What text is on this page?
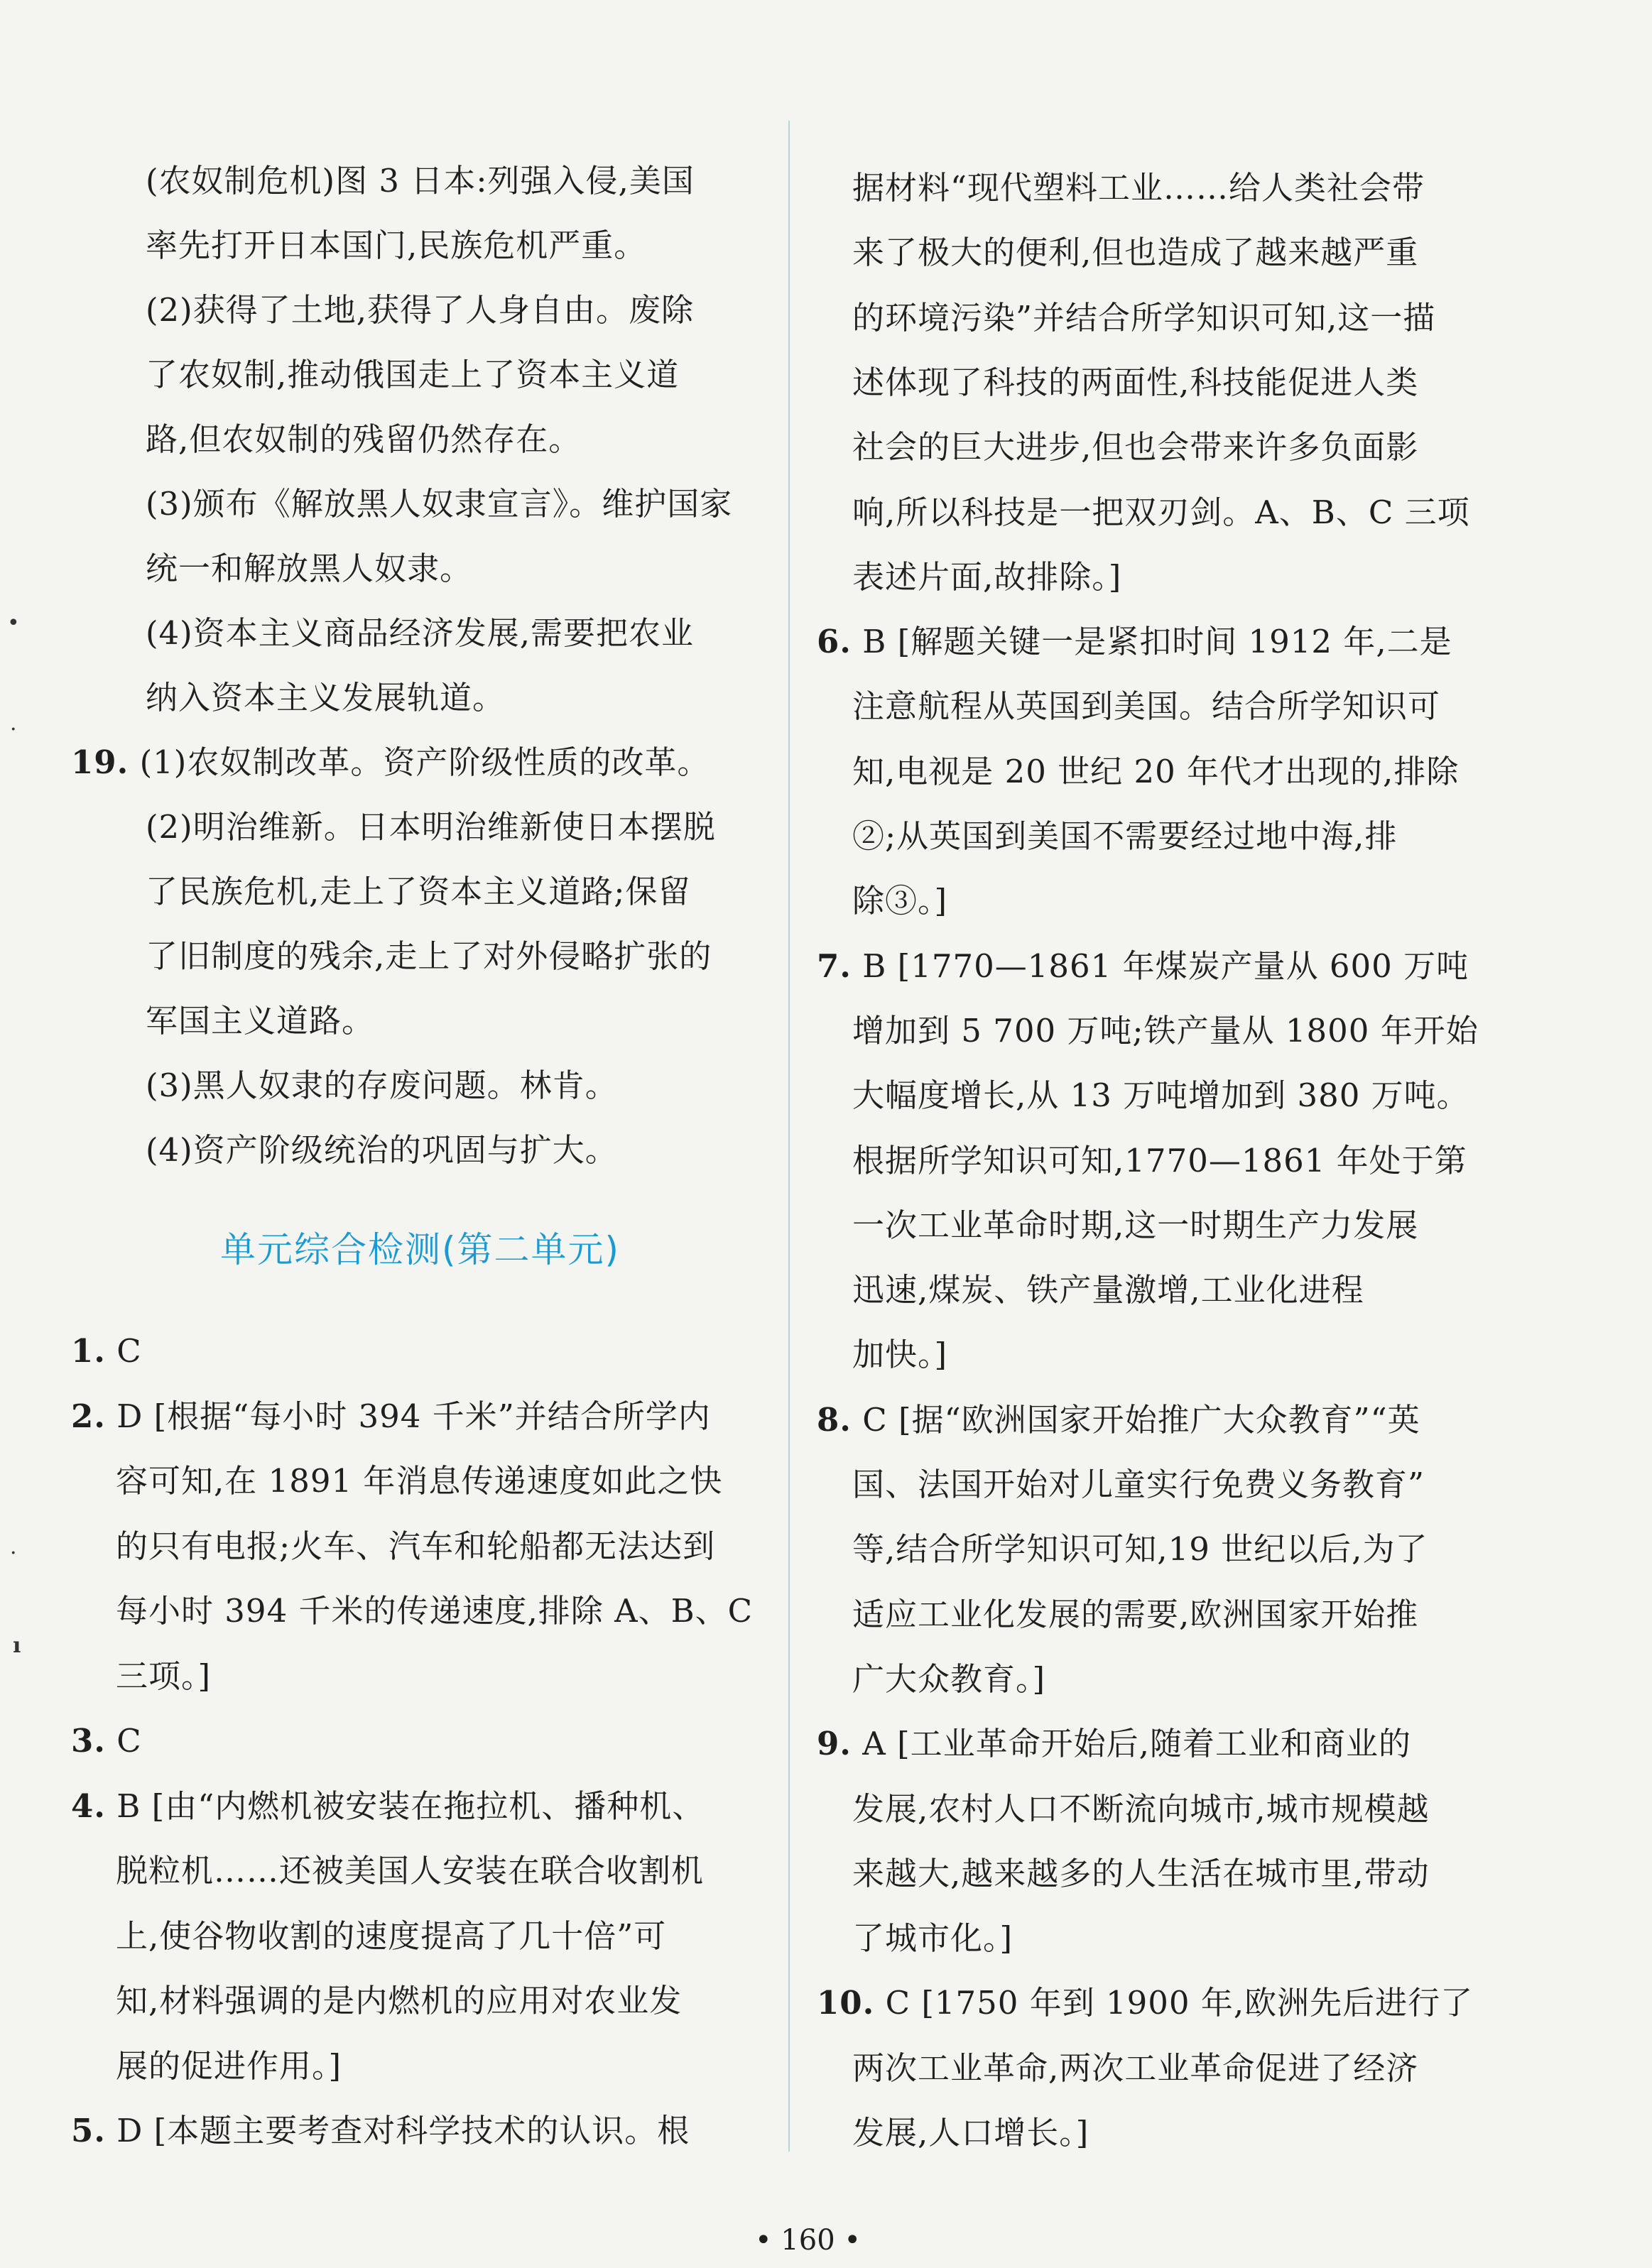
(农奴制危机)图 3 日本:列强入侵,美国
率先打开日本国门,民族危机严重。
(2)获得了土地,获得了人身自由。废除
了农奴制,推动俄国走上了资本主义道
路,但农奴制的残留仍然存在。
(3)颁布《解放黑人奴隶宣言》。维护国家
统一和解放黑人奴隶。
(4)资本主义商品经济发展,需要把农业
纳入资本主义发展轨道。
19. (1)农奴制改革。资产阶级性质的改革。
(2)明治维新。日本明治维新使日本摆脱
了民族危机,走上了资本主义道路;保留
了旧制度的残余,走上了对外侵略扩张的
军国主义道路。
(3)黑人奴隶的存废问题。林肯。
(4)资产阶级统治的巩固与扩大。
单元综合检测(第二单元)
1. C
2. D [根据“每小时 394 千米”并结合所学内
容可知,在 1891 年消息传递速度如此之快
的只有电报;火车、汽车和轮船都无法达到
每小时 394 千米的传递速度,排除 A、B、C
三项。]
3. C
4. B [由“内燃机被安装在拖拉机、播种机、
脱粒机……还被美国人安装在联合收割机
上,使谷物收割的速度提高了几十倍”可
知,材料强调的是内燃机的应用对农业发
展的促进作用。]
5. D [本题主要考查对科学技术的认识。根
据材料“现代塑料工业……给人类社会带
来了极大的便利,但也造成了越来越严重
的环境污染”并结合所学知识可知,这一描
述体现了科技的两面性,科技能促进人类
社会的巨大进步,但也会带来许多负面影
响,所以科技是一把双刃剑。A、B、C 三项
表述片面,故排除。]
6. B [解题关键一是紧扣时间 1912 年,二是
注意航程从英国到美国。结合所学知识可
知,电视是 20 世纪 20 年代才出现的,排除
②;从英国到美国不需要经过地中海,排
除③。]
7. B [1770—1861 年煤炭产量从 600 万吨
增加到 5 700 万吨;铁产量从 1800 年开始
大幅度增长,从 13 万吨增加到 380 万吨。
根据所学知识可知,1770—1861 年处于第
一次工业革命时期,这一时期生产力发展
迅速,煤炭、铁产量激增,工业化进程
加快。]
8. C [据“欧洲国家开始推广大众教育”“英
国、法国开始对儿童实行免费义务教育”
等,结合所学知识可知,19 世纪以后,为了
适应工业化发展的需要,欧洲国家开始推
广大众教育。]
9. A [工业革命开始后,随着工业和商业的
发展,农村人口不断流向城市,城市规模越
来越大,越来越多的人生活在城市里,带动
了城市化。]
10. C [1750 年到 1900 年,欧洲先后进行了
两次工业革命,两次工业革命促进了经济
发展,人口增长。]
• 160 •
•
·
·
ı
